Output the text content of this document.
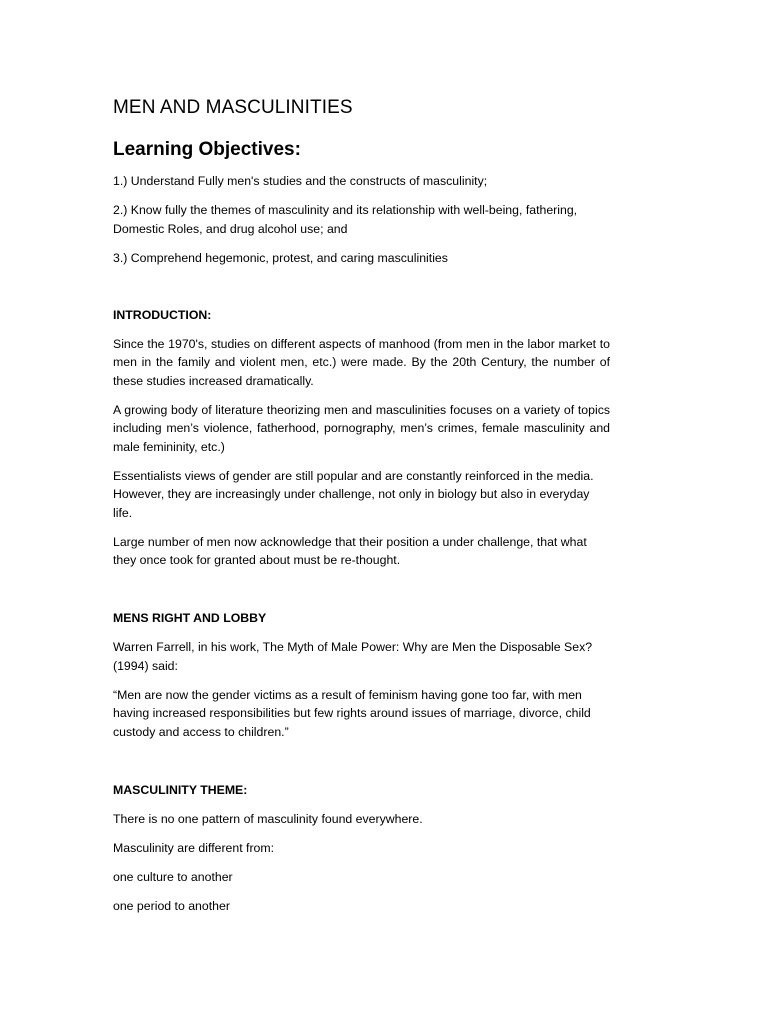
MEN AND MASCULINITIES
Learning Objectives:

1.) Understand Fully men's studies and the constructs of masculinity;

2.) Know fully the themes of masculinity and its relationship with well-being, fathering, Domestic Roles, and drug alcohol use; and

3.) Comprehend hegemonic, protest, and caring masculinities

INTRODUCTION:

Since the 1970's, studies on different aspects of manhood (from men in the labor market to men in the family and violent men, etc.) were made. By the 20th Century, the number of these studies increased dramatically.

A growing body of literature theorizing men and masculinities focuses on a variety of topics including men’s violence, fatherhood, pornography, men’s crimes, female masculinity and male femininity, etc.)

Essentialists views of gender are still popular and are constantly reinforced in the media. However, they are increasingly under challenge, not only in biology but also in everyday life.

Large number of men now acknowledge that their position a under challenge, that what they once took for granted about must be re-thought.

MENS RIGHT AND LOBBY

Warren Farrell, in his work, The Myth of Male Power: Why are Men the Disposable Sex? (1994) said:

“Men are now the gender victims as a result of feminism having gone too far, with men having increased responsibilities but few rights around issues of marriage, divorce, child custody and access to children.”

MASCULINITY THEME:

There is no one pattern of masculinity found everywhere.

Masculinity are different from:

one culture to another

one period to another
